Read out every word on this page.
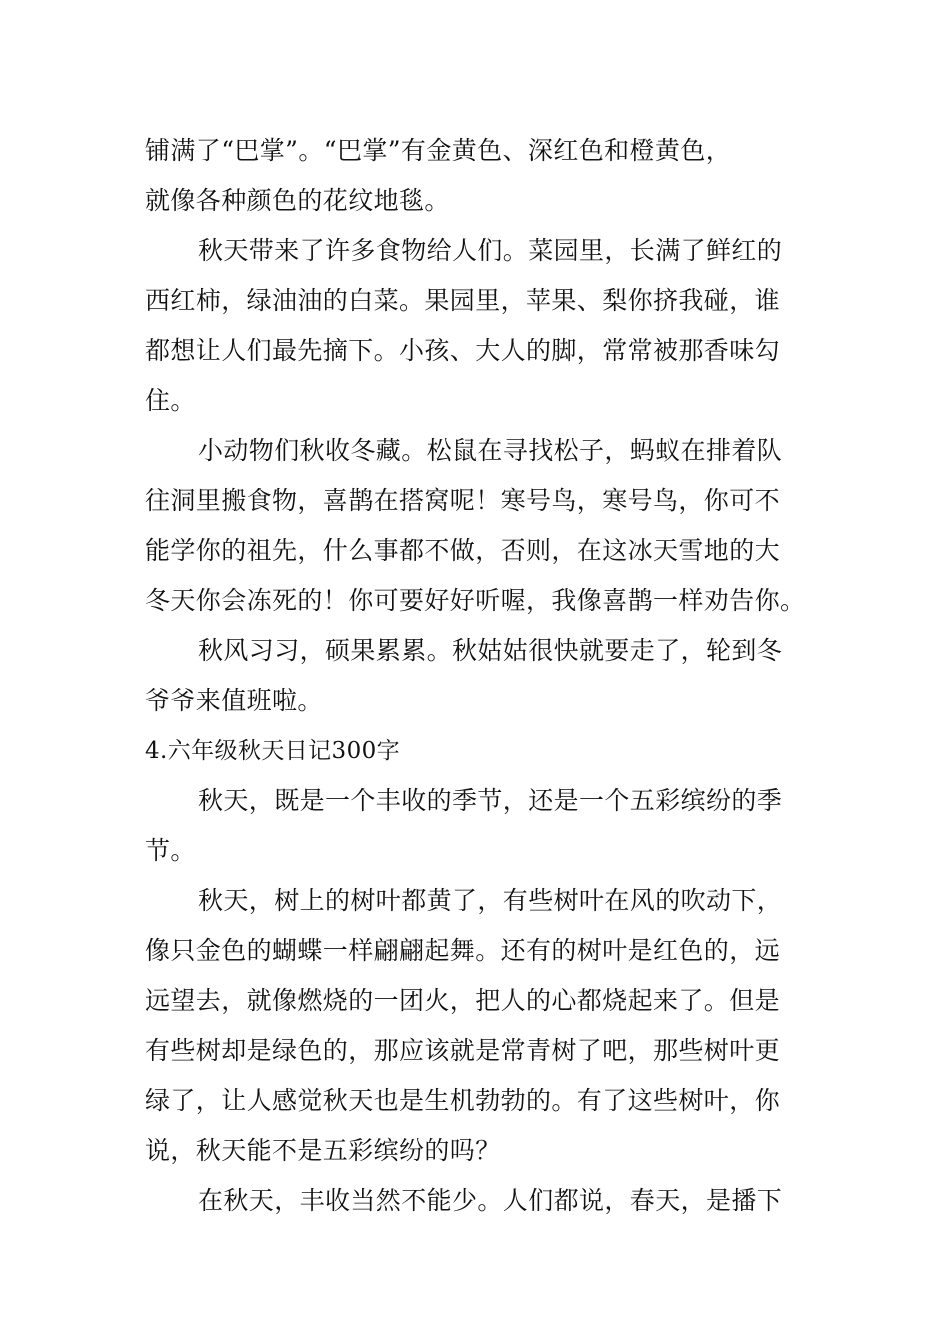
铺满了“巴掌”。“巴掌”有金黄色、深红色和橙黄色，
就像各种颜色的花纹地毯。
秋天带来了许多食物给人们。菜园里，长满了鲜红的
西红柿，绿油油的白菜。果园里，苹果、梨你挤我碰，谁
都想让人们最先摘下。小孩、大人的脚，常常被那香味勾
住。
小动物们秋收冬藏。松鼠在寻找松子，蚂蚁在排着队
往洞里搬食物，喜鹊在搭窝呢！寒号鸟，寒号鸟，你可不
能学你的祖先，什么事都不做，否则，在这冰天雪地的大
冬天你会冻死的！你可要好好听喔，我像喜鹊一样劝告你。
秋风习习，硕果累累。秋姑姑很快就要走了，轮到冬
爷爷来值班啦。
4.六年级秋天日记300字
秋天，既是一个丰收的季节，还是一个五彩缤纷的季
节。
秋天，树上的树叶都黄了，有些树叶在风的吹动下，
像只金色的蝴蝶一样翩翩起舞。还有的树叶是红色的，远
远望去，就像燃烧的一团火，把人的心都烧起来了。但是
有些树却是绿色的，那应该就是常青树了吧，那些树叶更
绿了，让人感觉秋天也是生机勃勃的。有了这些树叶，你
说，秋天能不是五彩缤纷的吗？
在秋天，丰收当然不能少。人们都说，春天，是播下
